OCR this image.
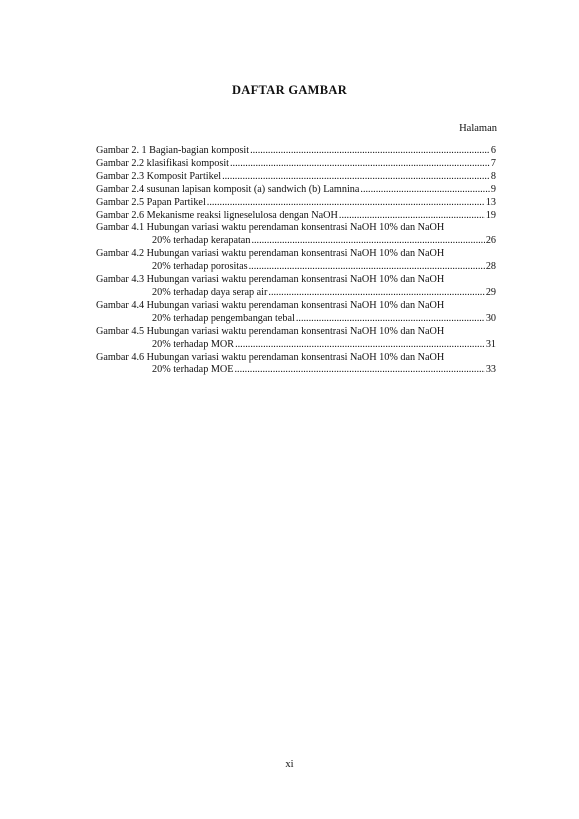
DAFTAR GAMBAR
Halaman
Gambar 2. 1 Bagian-bagian komposit .....	6
Gambar 2.2 klasifikasi komposit .....	7
Gambar 2.3 Komposit Partikel .....	8
Gambar 2.4 susunan lapisan komposit (a) sandwich (b) Lamnina .....	9
Gambar 2.5 Papan Partikel .....	13
Gambar 2.6 Mekanisme reaksi ligneselulosa dengan NaOH .....	19
Gambar 4.1 Hubungan variasi waktu perendaman konsentrasi NaOH 10% dan NaOH
20% terhadap kerapatan .....	26
Gambar 4.2 Hubungan variasi waktu perendaman konsentrasi NaOH 10% dan NaOH
20% terhadap porositas .....	28
Gambar 4.3 Hubungan variasi waktu perendaman konsentrasi NaOH 10% dan NaOH
20% terhadap daya serap air .....	29
Gambar 4.4 Hubungan variasi waktu perendaman konsentrasi NaOH 10% dan NaOH
20% terhadap pengembangan tebal .....	30
Gambar 4.5 Hubungan variasi waktu perendaman konsentrasi NaOH 10% dan NaOH
20% terhadap MOR .....	31
Gambar 4.6 Hubungan variasi waktu perendaman konsentrasi NaOH 10% dan NaOH
20% terhadap MOE .....	33
xi
